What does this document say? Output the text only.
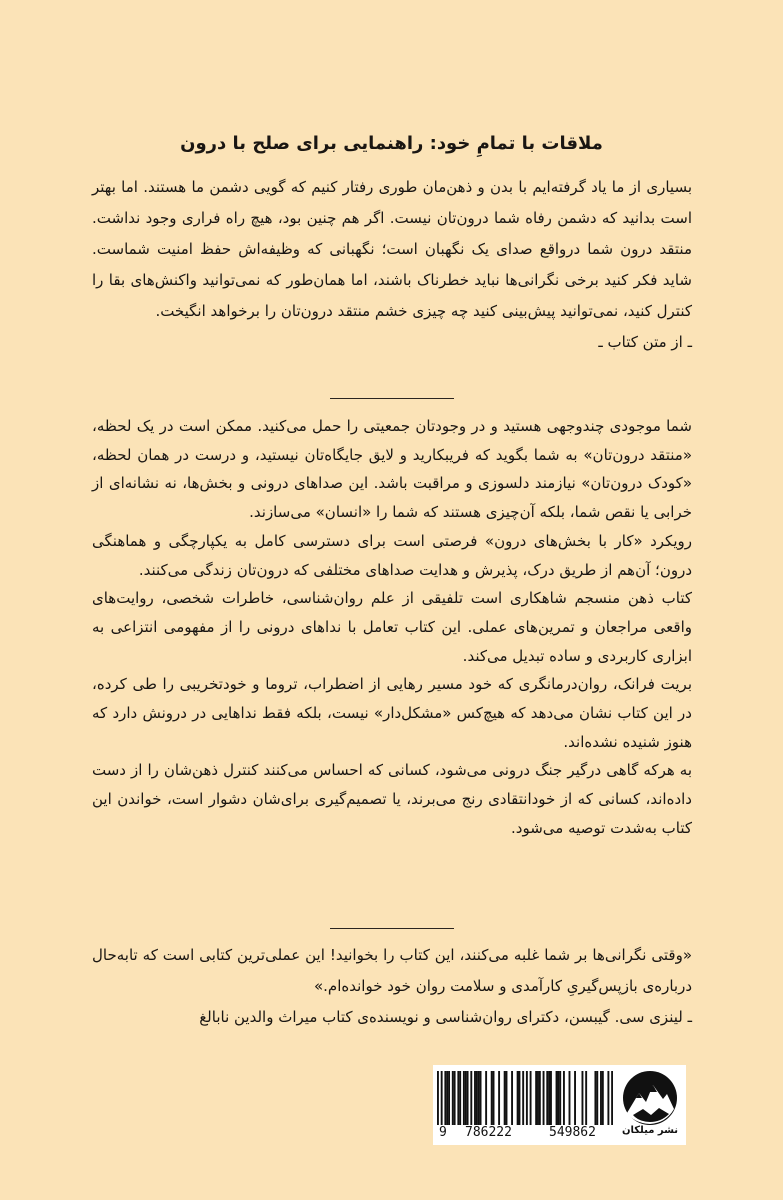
ملاقات با تمامِ خود: راهنمایی برای صلح با درون

بسیاری از ما یاد گرفته‌ایم با بدن و ذهن‌مان طوری رفتار کنیم که گویی دشمن ما هستند. اما بهتر است بدانید که دشمن رفاه شما درون‌تان نیست. اگر هم چنین بود، هیچ راه فراری وجود نداشت. منتقد درون شما درواقع صدای یک نگهبان است؛ نگهبانی که وظیفه‌اش حفظ امنیت شماست. شاید فکر کنید برخی نگرانی‌ها نباید خطرناک باشند، اما همان‌طور که نمی‌توانید واکنش‌های بقا را کنترل کنید، نمی‌توانید پیش‌بینی کنید چه چیزی خشم منتقد درون‌تان را برخواهد انگیخت.

ـ از متن کتاب ـ

شما موجودی چندوجهی هستید و در وجودتان جمعیتی را حمل می‌کنید. ممکن است در یک لحظه، «منتقد درون‌تان» به شما بگوید که فریبکارید و لایق جایگاه‌تان نیستید، و درست در همان لحظه، «کودک درون‌تان» نیازمند دلسوزی و مراقبت باشد. این صداهای درونی و بخش‌ها، نه نشانه‌ای از خرابی یا نقص شما، بلکه آن‌چیزی هستند که شما را «انسان» می‌سازند.

رویکرد «کار با بخش‌های درون» فرصتی است برای دسترسی کامل به یکپارچگی و هماهنگی درون؛ آن‌هم از طریق درک، پذیرش و هدایت صداهای مختلفی که درون‌تان زندگی می‌کنند.

کتاب ذهن منسجم شاهکاری است تلفیقی از علم روان‌شناسی، خاطرات شخصی، روایت‌های واقعی مراجعان و تمرین‌های عملی. این کتاب تعامل با نداهای درونی را از مفهومی انتزاعی به ابزاری کاربردی و ساده تبدیل می‌کند.

بریت فرانک، روان‌درمانگری که خود مسیر رهایی از اضطراب، تروما و خودتخریبی را طی کرده، در این کتاب نشان می‌دهد که هیچ‌کس «مشکل‌دار» نیست، بلکه فقط نداهایی در درونش دارد که هنوز شنیده نشده‌اند.

به هرکه گاهی درگیر جنگ درونی می‌شود، کسانی که احساس می‌کنند کنترل ذهن‌شان را از دست داده‌اند، کسانی که از خودانتقادی رنج می‌برند، یا تصمیم‌گیری برای‌شان دشوار است، خواندن این کتاب به‌شدت توصیه می‌شود.

«وقتی نگرانی‌ها بر شما غلبه می‌کنند، این کتاب را بخوانید! این عملی‌ترین کتابی است که تابه‌حال درباره‌ی بازپس‌گیریِ کارآمدی و سلامت روان خود خوانده‌ام.»

ـ لینزی سی. گیبسن، دکترای روان‌شناسی و نویسنده‌ی کتاب میراث والدین نابالغ

9 786222	549862	نشر میلکان
